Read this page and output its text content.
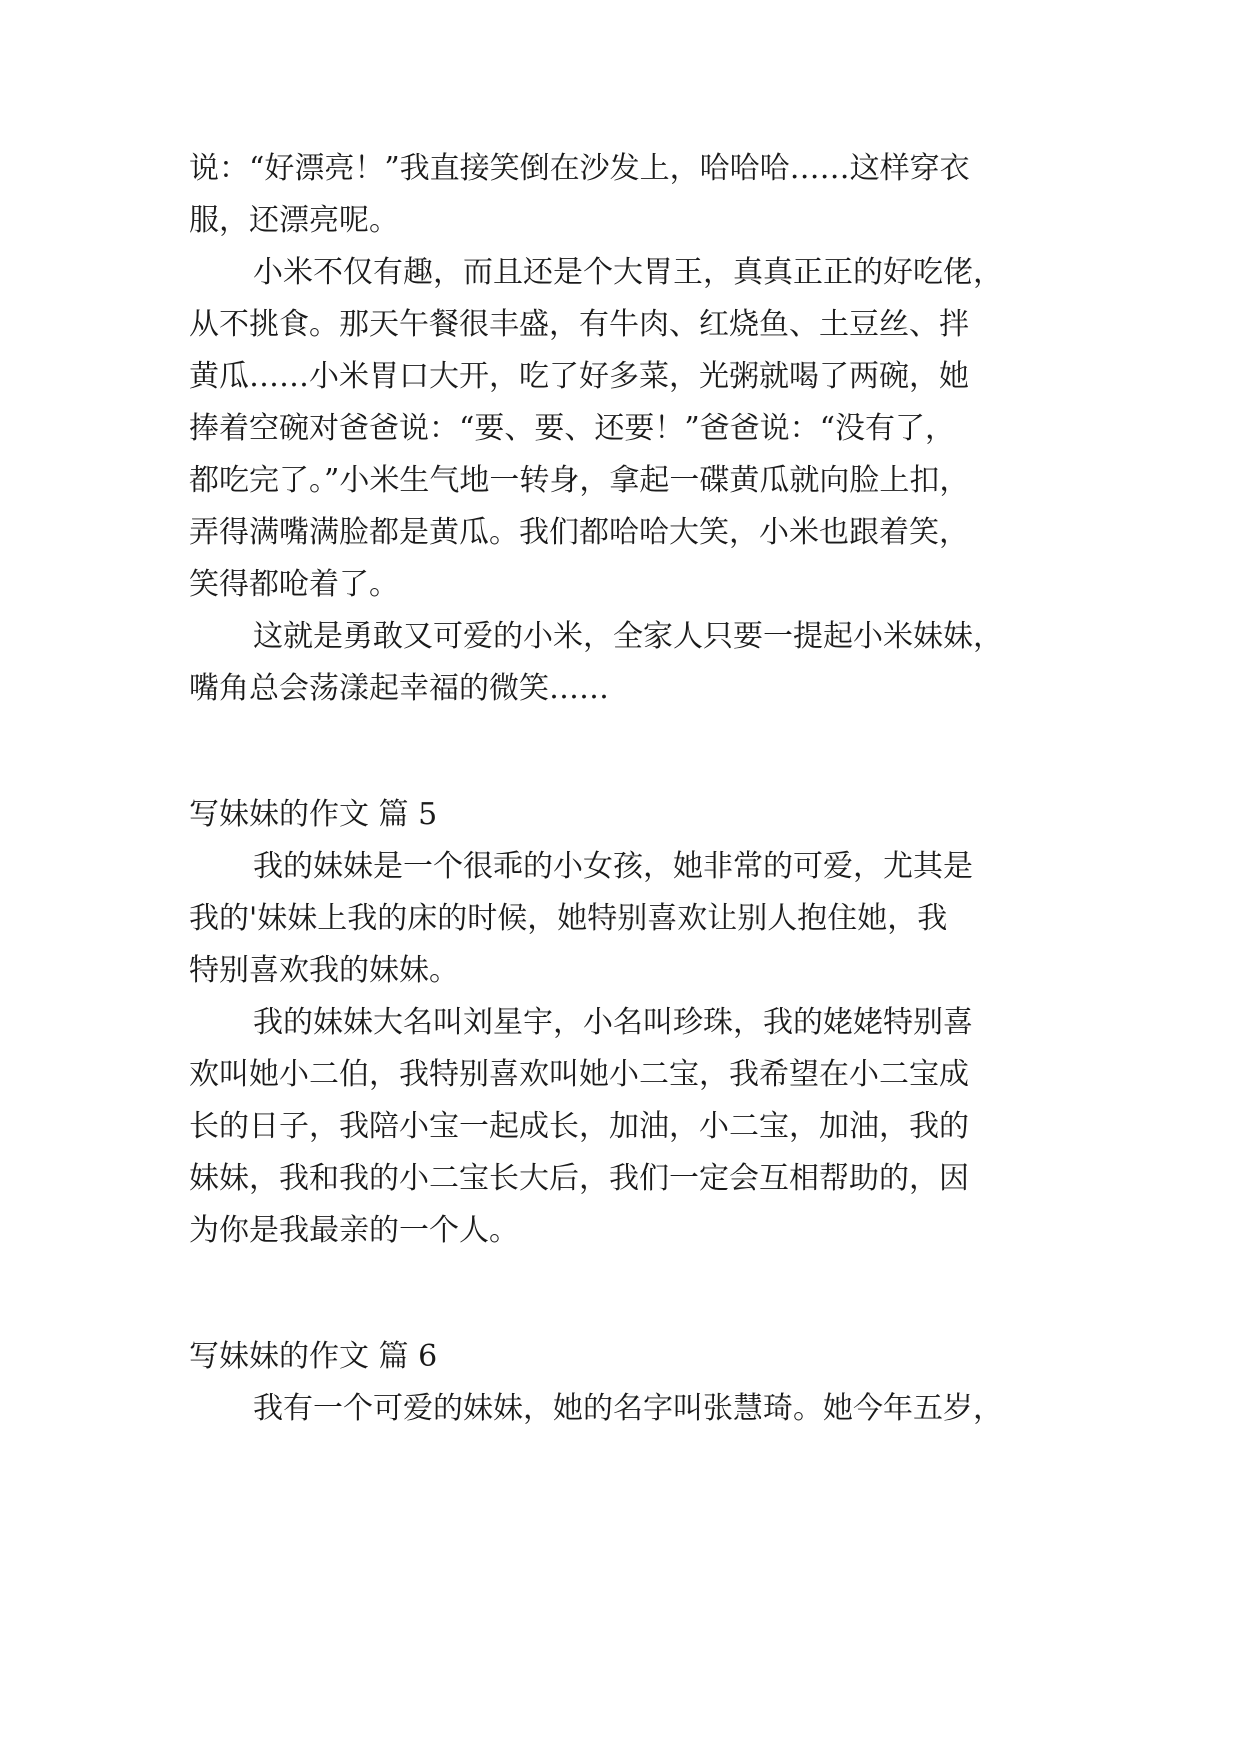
说：“好漂亮！”我直接笑倒在沙发上，哈哈哈……这样穿衣
服，还漂亮呢。
小米不仅有趣，而且还是个大胃王，真真正正的好吃佬，
从不挑食。那天午餐很丰盛，有牛肉、红烧鱼、土豆丝、拌
黄瓜……小米胃口大开，吃了好多菜，光粥就喝了两碗，她
捧着空碗对爸爸说：“要、要、还要！”爸爸说：“没有了，
都吃完了。”小米生气地一转身，拿起一碟黄瓜就向脸上扣，
弄得满嘴满脸都是黄瓜。我们都哈哈大笑，小米也跟着笑，
笑得都呛着了。
这就是勇敢又可爱的小米，全家人只要一提起小米妹妹，
嘴角总会荡漾起幸福的微笑……
写妹妹的作文 篇 5
我的妹妹是一个很乖的小女孩，她非常的可爱，尤其是
我的'妹妹上我的床的时候，她特别喜欢让别人抱住她，我
特别喜欢我的妹妹。
我的妹妹大名叫刘星宇，小名叫珍珠，我的姥姥特别喜
欢叫她小二伯，我特别喜欢叫她小二宝，我希望在小二宝成
长的日子，我陪小宝一起成长，加油，小二宝，加油，我的
妹妹，我和我的小二宝长大后，我们一定会互相帮助的，因
为你是我最亲的一个人。
写妹妹的作文 篇 6
我有一个可爱的妹妹，她的名字叫张慧琦。她今年五岁，
